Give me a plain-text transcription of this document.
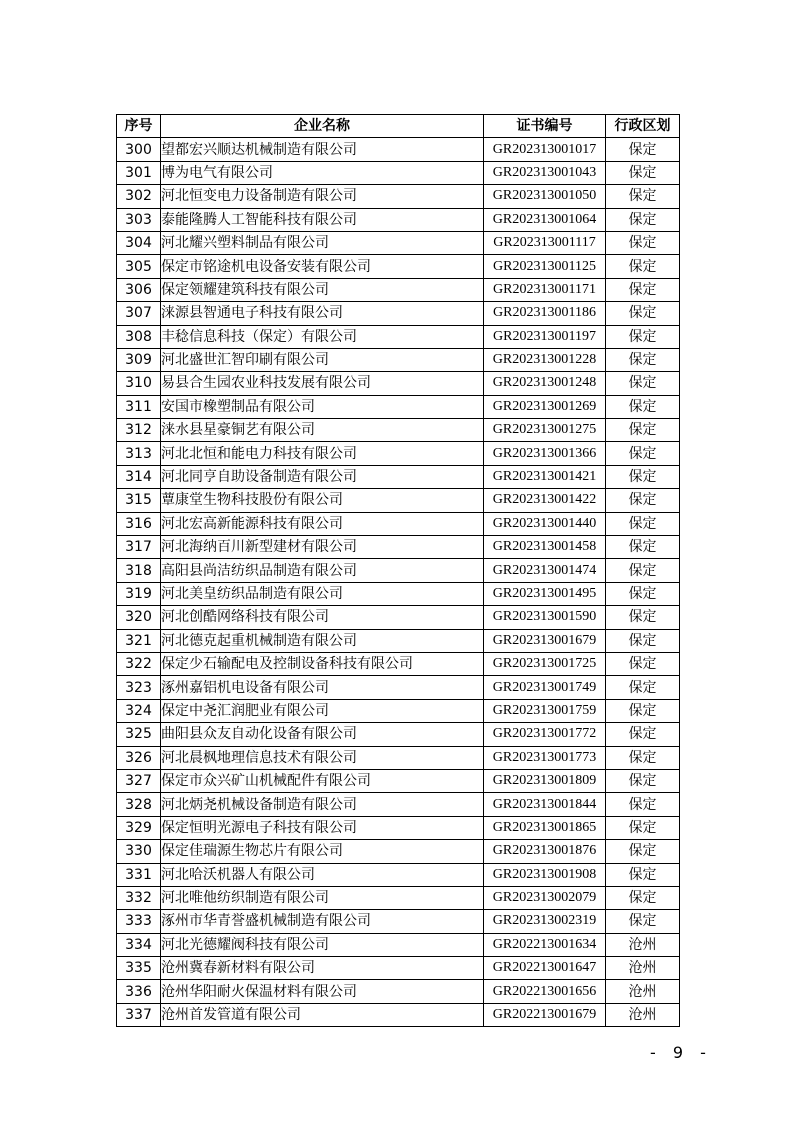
序号	企业名称	证书编号	行政区划
300	望都宏兴顺达机械制造有限公司	GR202313001017	保定
301	博为电气有限公司	GR202313001043	保定
302	河北恒变电力设备制造有限公司	GR202313001050	保定
303	泰能隆腾人工智能科技有限公司	GR202313001064	保定
304	河北耀兴塑料制品有限公司	GR202313001117	保定
305	保定市铭途机电设备安装有限公司	GR202313001125	保定
306	保定领耀建筑科技有限公司	GR202313001171	保定
307	涞源县智通电子科技有限公司	GR202313001186	保定
308	丰稔信息科技（保定）有限公司	GR202313001197	保定
309	河北盛世汇智印刷有限公司	GR202313001228	保定
310	易县合生园农业科技发展有限公司	GR202313001248	保定
311	安国市橡塑制品有限公司	GR202313001269	保定
312	涞水县星豪铜艺有限公司	GR202313001275	保定
313	河北北恒和能电力科技有限公司	GR202313001366	保定
314	河北同亨自助设备制造有限公司	GR202313001421	保定
315	蕈康堂生物科技股份有限公司	GR202313001422	保定
316	河北宏高新能源科技有限公司	GR202313001440	保定
317	河北海纳百川新型建材有限公司	GR202313001458	保定
318	高阳县尚洁纺织品制造有限公司	GR202313001474	保定
319	河北美皇纺织品制造有限公司	GR202313001495	保定
320	河北创酷网络科技有限公司	GR202313001590	保定
321	河北德克起重机械制造有限公司	GR202313001679	保定
322	保定少石输配电及控制设备科技有限公司	GR202313001725	保定
323	涿州嘉铝机电设备有限公司	GR202313001749	保定
324	保定中尧汇润肥业有限公司	GR202313001759	保定
325	曲阳县众友自动化设备有限公司	GR202313001772	保定
326	河北晨枫地理信息技术有限公司	GR202313001773	保定
327	保定市众兴矿山机械配件有限公司	GR202313001809	保定
328	河北炳尧机械设备制造有限公司	GR202313001844	保定
329	保定恒明光源电子科技有限公司	GR202313001865	保定
330	保定佳瑞源生物芯片有限公司	GR202313001876	保定
331	河北哈沃机器人有限公司	GR202313001908	保定
332	河北唯他纺织制造有限公司	GR202313002079	保定
333	涿州市华青誉盛机械制造有限公司	GR202313002319	保定
334	河北光德耀阀科技有限公司	GR202213001634	沧州
335	沧州冀春新材料有限公司	GR202213001647	沧州
336	沧州华阳耐火保温材料有限公司	GR202213001656	沧州
337	沧州首发管道有限公司	GR202213001679	沧州
- 9 -
